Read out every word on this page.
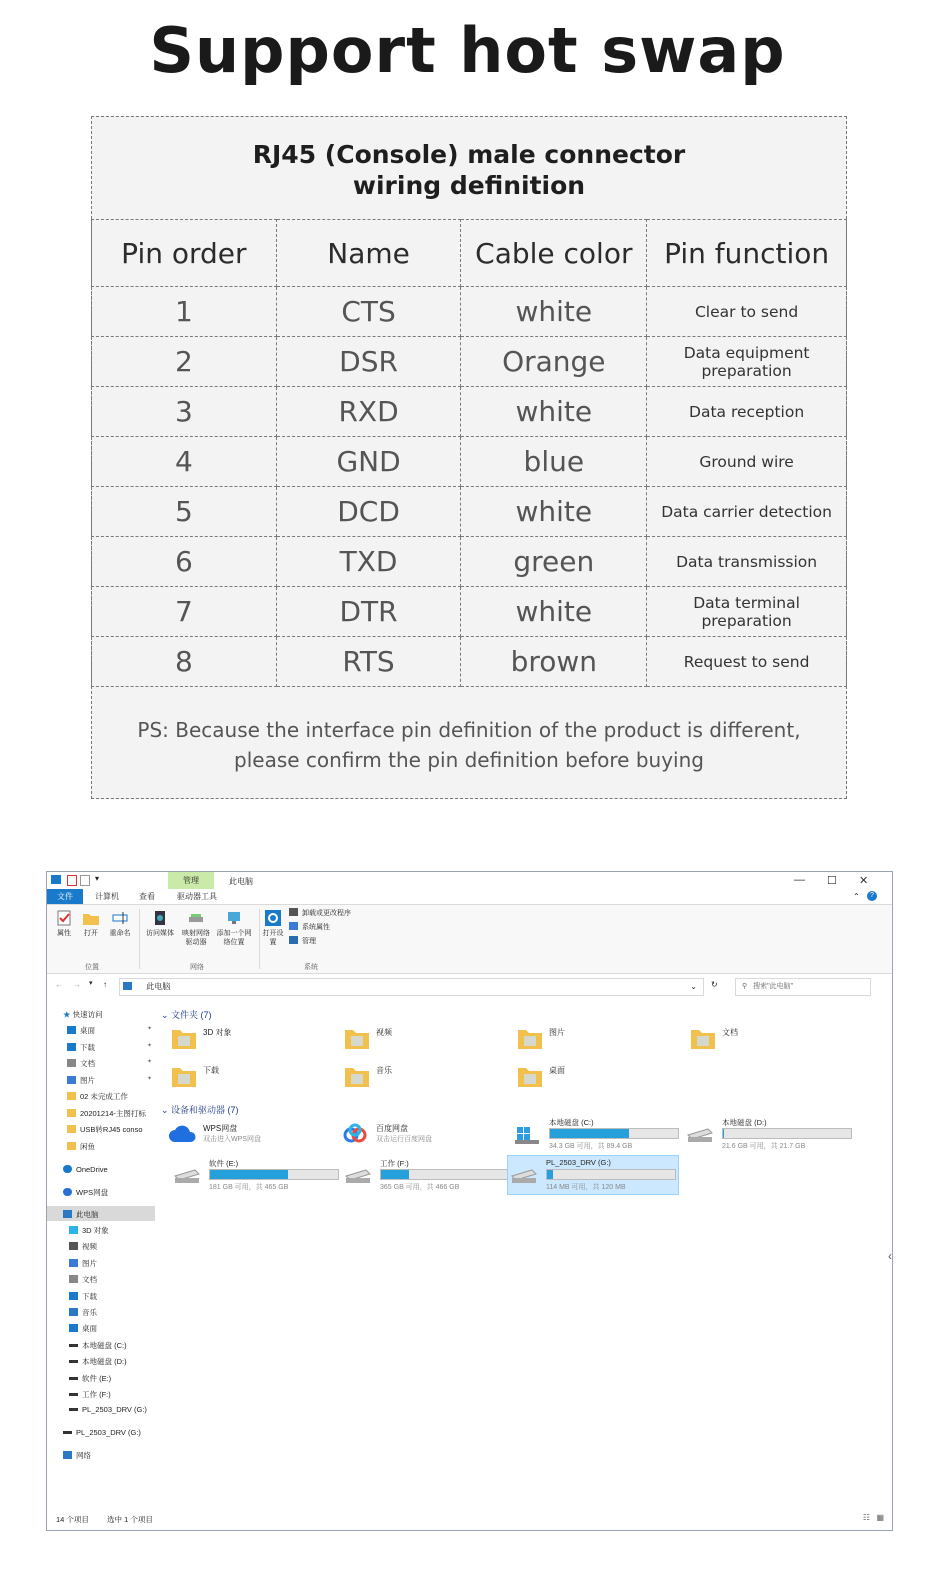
Support hot swap
RJ45 (Console) male connector
wiring definition
Pin order	Name	Cable color	Pin function
1	CTS	white	Clear to send
2	DSR	Orange	Data equipment preparation
3	RXD	white	Data reception
4	GND	blue	Ground wire
5	DCD	white	Data carrier detection
6	TXD	green	Data transmission
7	DTR	white	Data terminal preparation
8	RTS	brown	Request to send
PS: Because the interface pin definition of the product is different,
please confirm the pin definition before buying
▾	管理	此电脑	— ☐ ✕
文件	计算机	查看	驱动器工具	⌃	?
属性	打开	重命名	访问媒体	映射网络驱动器
添加一个网络位置
打开设置
卸载或更改程序
系统属性
管理
位置	网络	系统
← → ▾ ↑	此电脑	⌄ ↻	⚲ 搜索"此电脑"
★ 快速访问
桌面	✦
下载	✦
文档	✦
图片	✦
02 未完成工作
20201214-主图打标
USB转RJ45 conso
闲鱼
OneDrive
WPS网盘
此电脑
3D 对象
视频
图片
文档
下载
音乐
桌面
本地磁盘 (C:)
本地磁盘 (D:)
软件 (E:)
工作 (F:)
PL_2503_DRV (G:)
PL_2503_DRV (G:)
网络
⌄ 文件夹 (7)
3D 对象	视频	图片	文档
下载	音乐	桌面
⌄ 设备和驱动器 (7)
WPS网盘
双击进入WPS网盘
百度网盘
双击运行百度网盘
本地磁盘 (C:)
34.3 GB 可用，共 89.4 GB
本地磁盘 (D:)
21.6 GB 可用，共 21.7 GB
软件 (E:)
181 GB 可用，共 465 GB
工作 (F:)
365 GB 可用，共 466 GB
PL_2503_DRV (G:)
114 MB 可用，共 120 MB
‹
14 个项目 选中 1 个项目	☷ ▦
